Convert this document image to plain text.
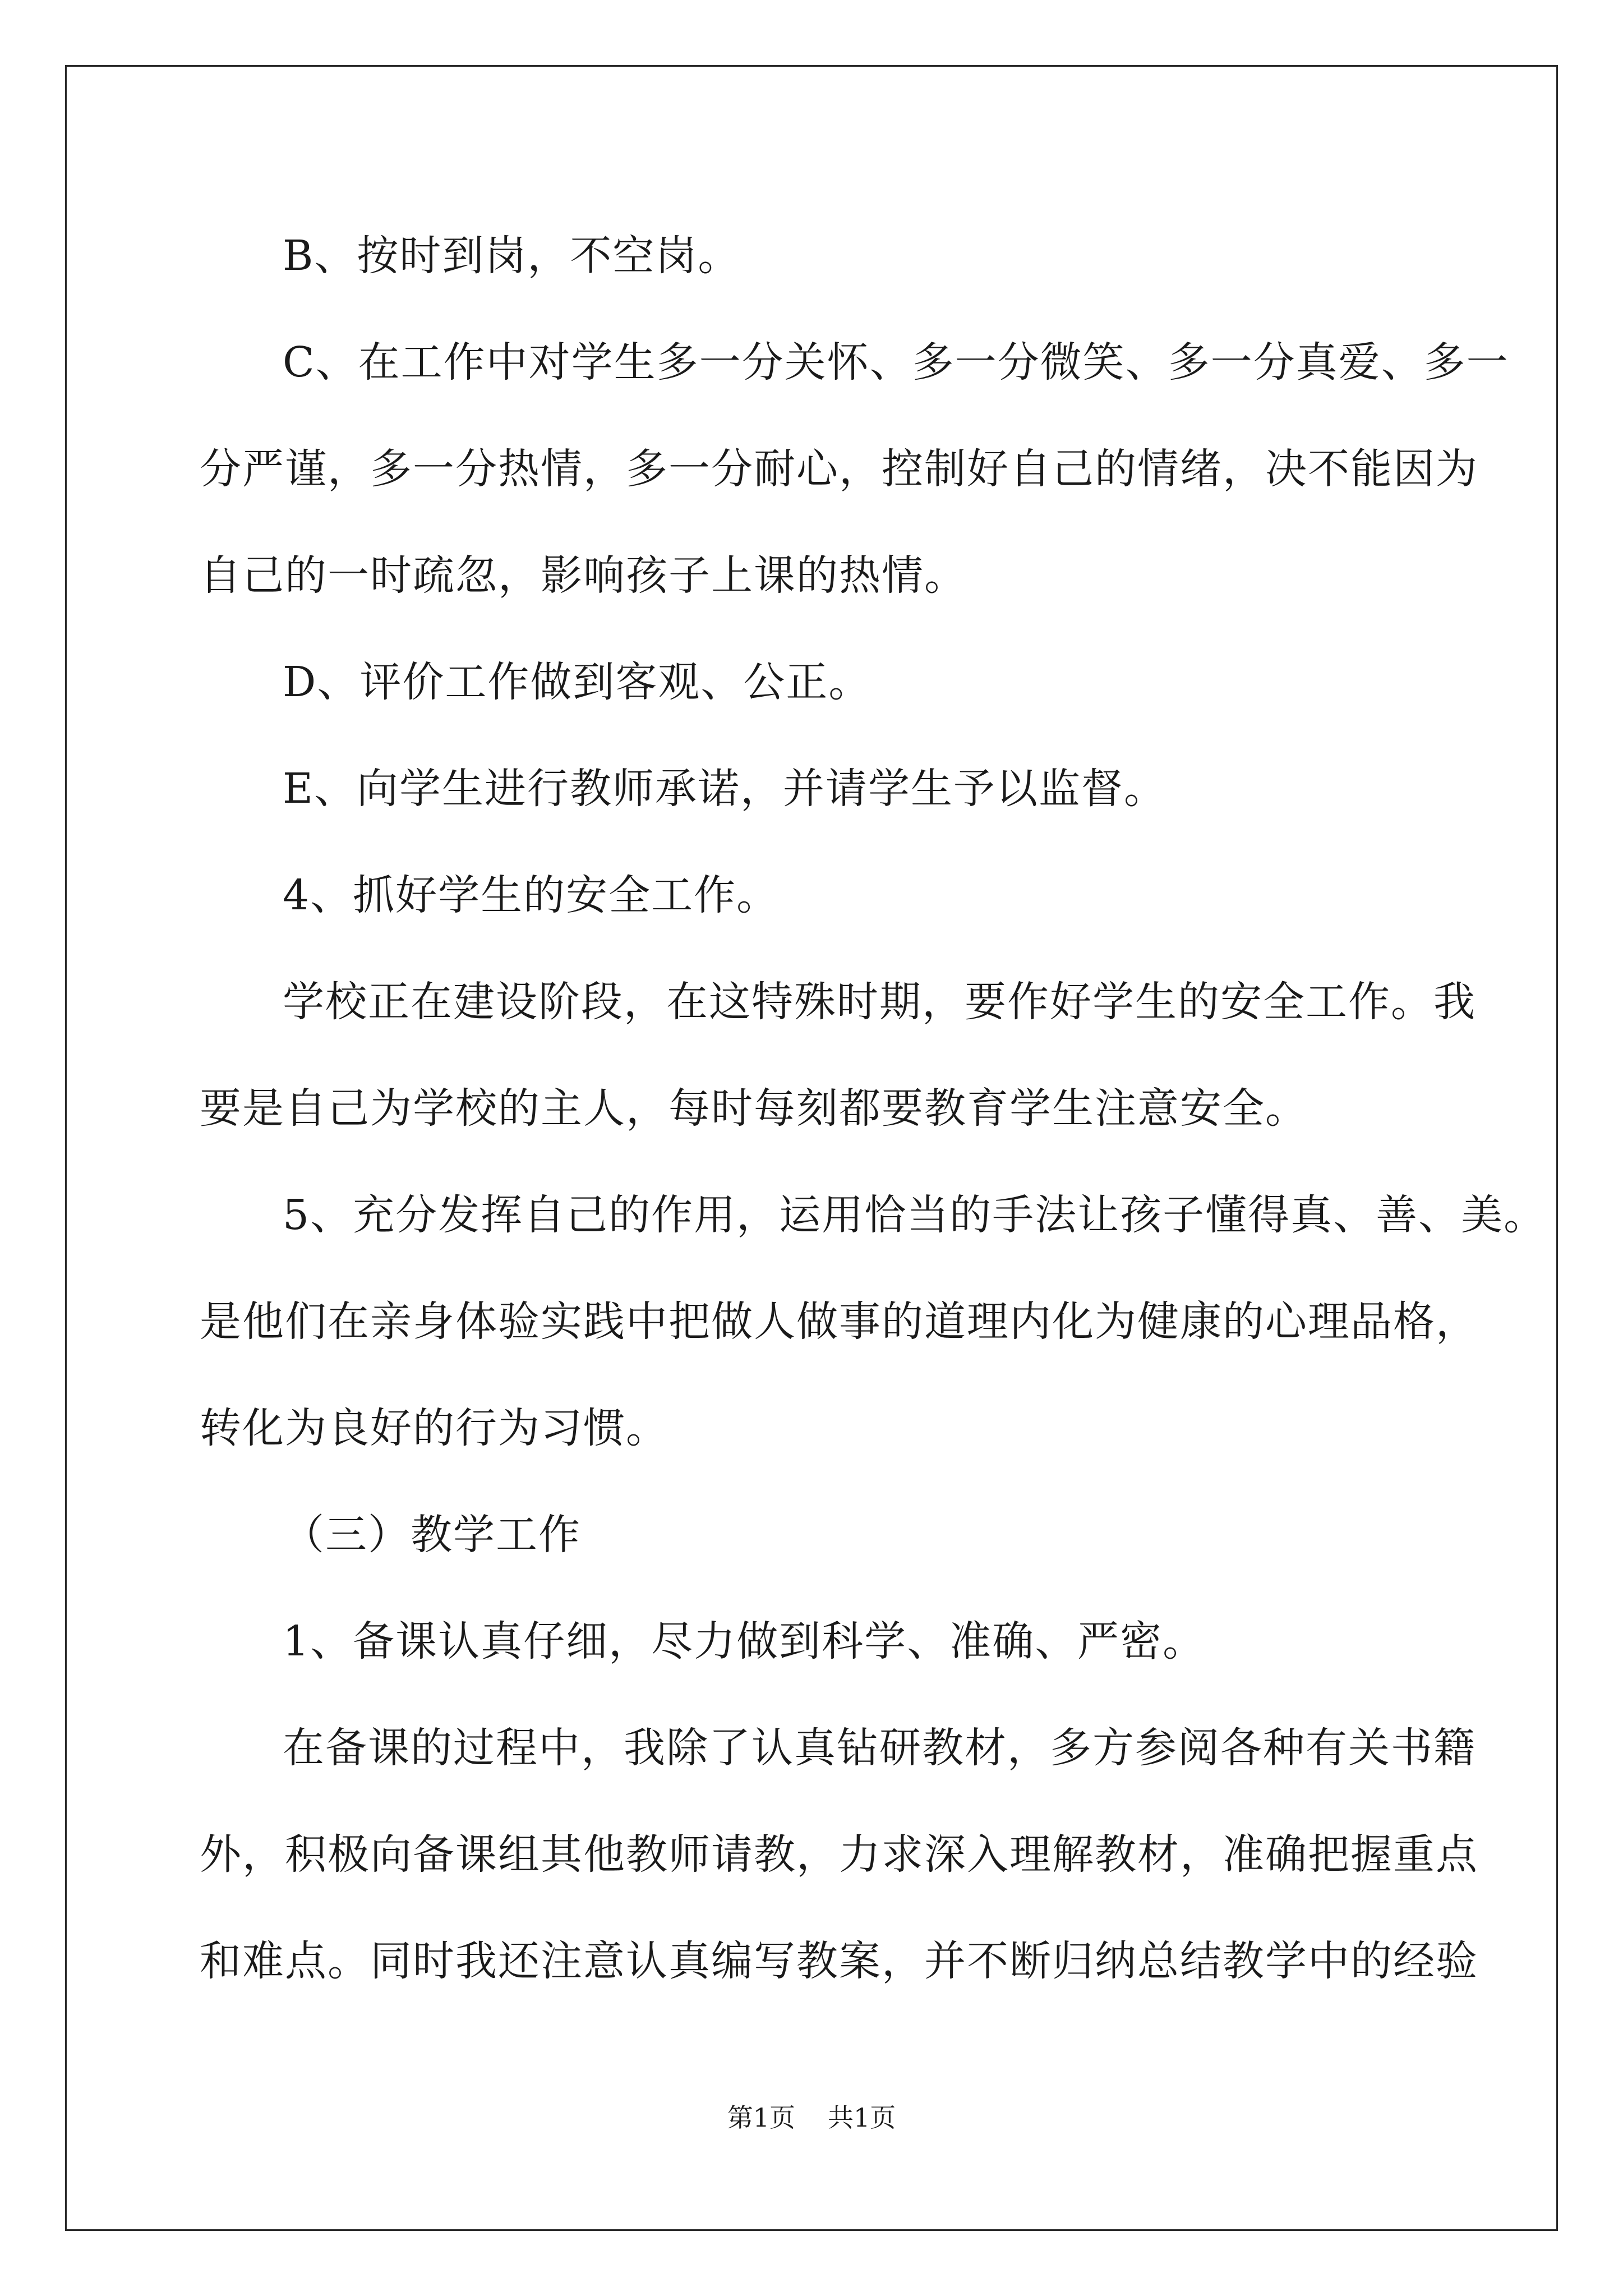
B、按时到岗，不空岗。
C、在工作中对学生多一分关怀、多一分微笑、多一分真爱、多一
分严谨，多一分热情，多一分耐心，控制好自己的情绪，决不能因为
自己的一时疏忽，影响孩子上课的热情。
D、评价工作做到客观、公正。
E、向学生进行教师承诺，并请学生予以监督。
4、抓好学生的安全工作。
学校正在建设阶段，在这特殊时期，要作好学生的安全工作。我
要是自己为学校的主人，每时每刻都要教育学生注意安全。
5、充分发挥自己的作用，运用恰当的手法让孩子懂得真、善、美。
是他们在亲身体验实践中把做人做事的道理内化为健康的心理品格，
转化为良好的行为习惯。
（三）教学工作
1、备课认真仔细，尽力做到科学、准确、严密。
在备课的过程中，我除了认真钻研教材，多方参阅各种有关书籍
外，积极向备课组其他教师请教，力求深入理解教材，准确把握重点
和难点。同时我还注意认真编写教案，并不断归纳总结教学中的经验
第1页 共1页
